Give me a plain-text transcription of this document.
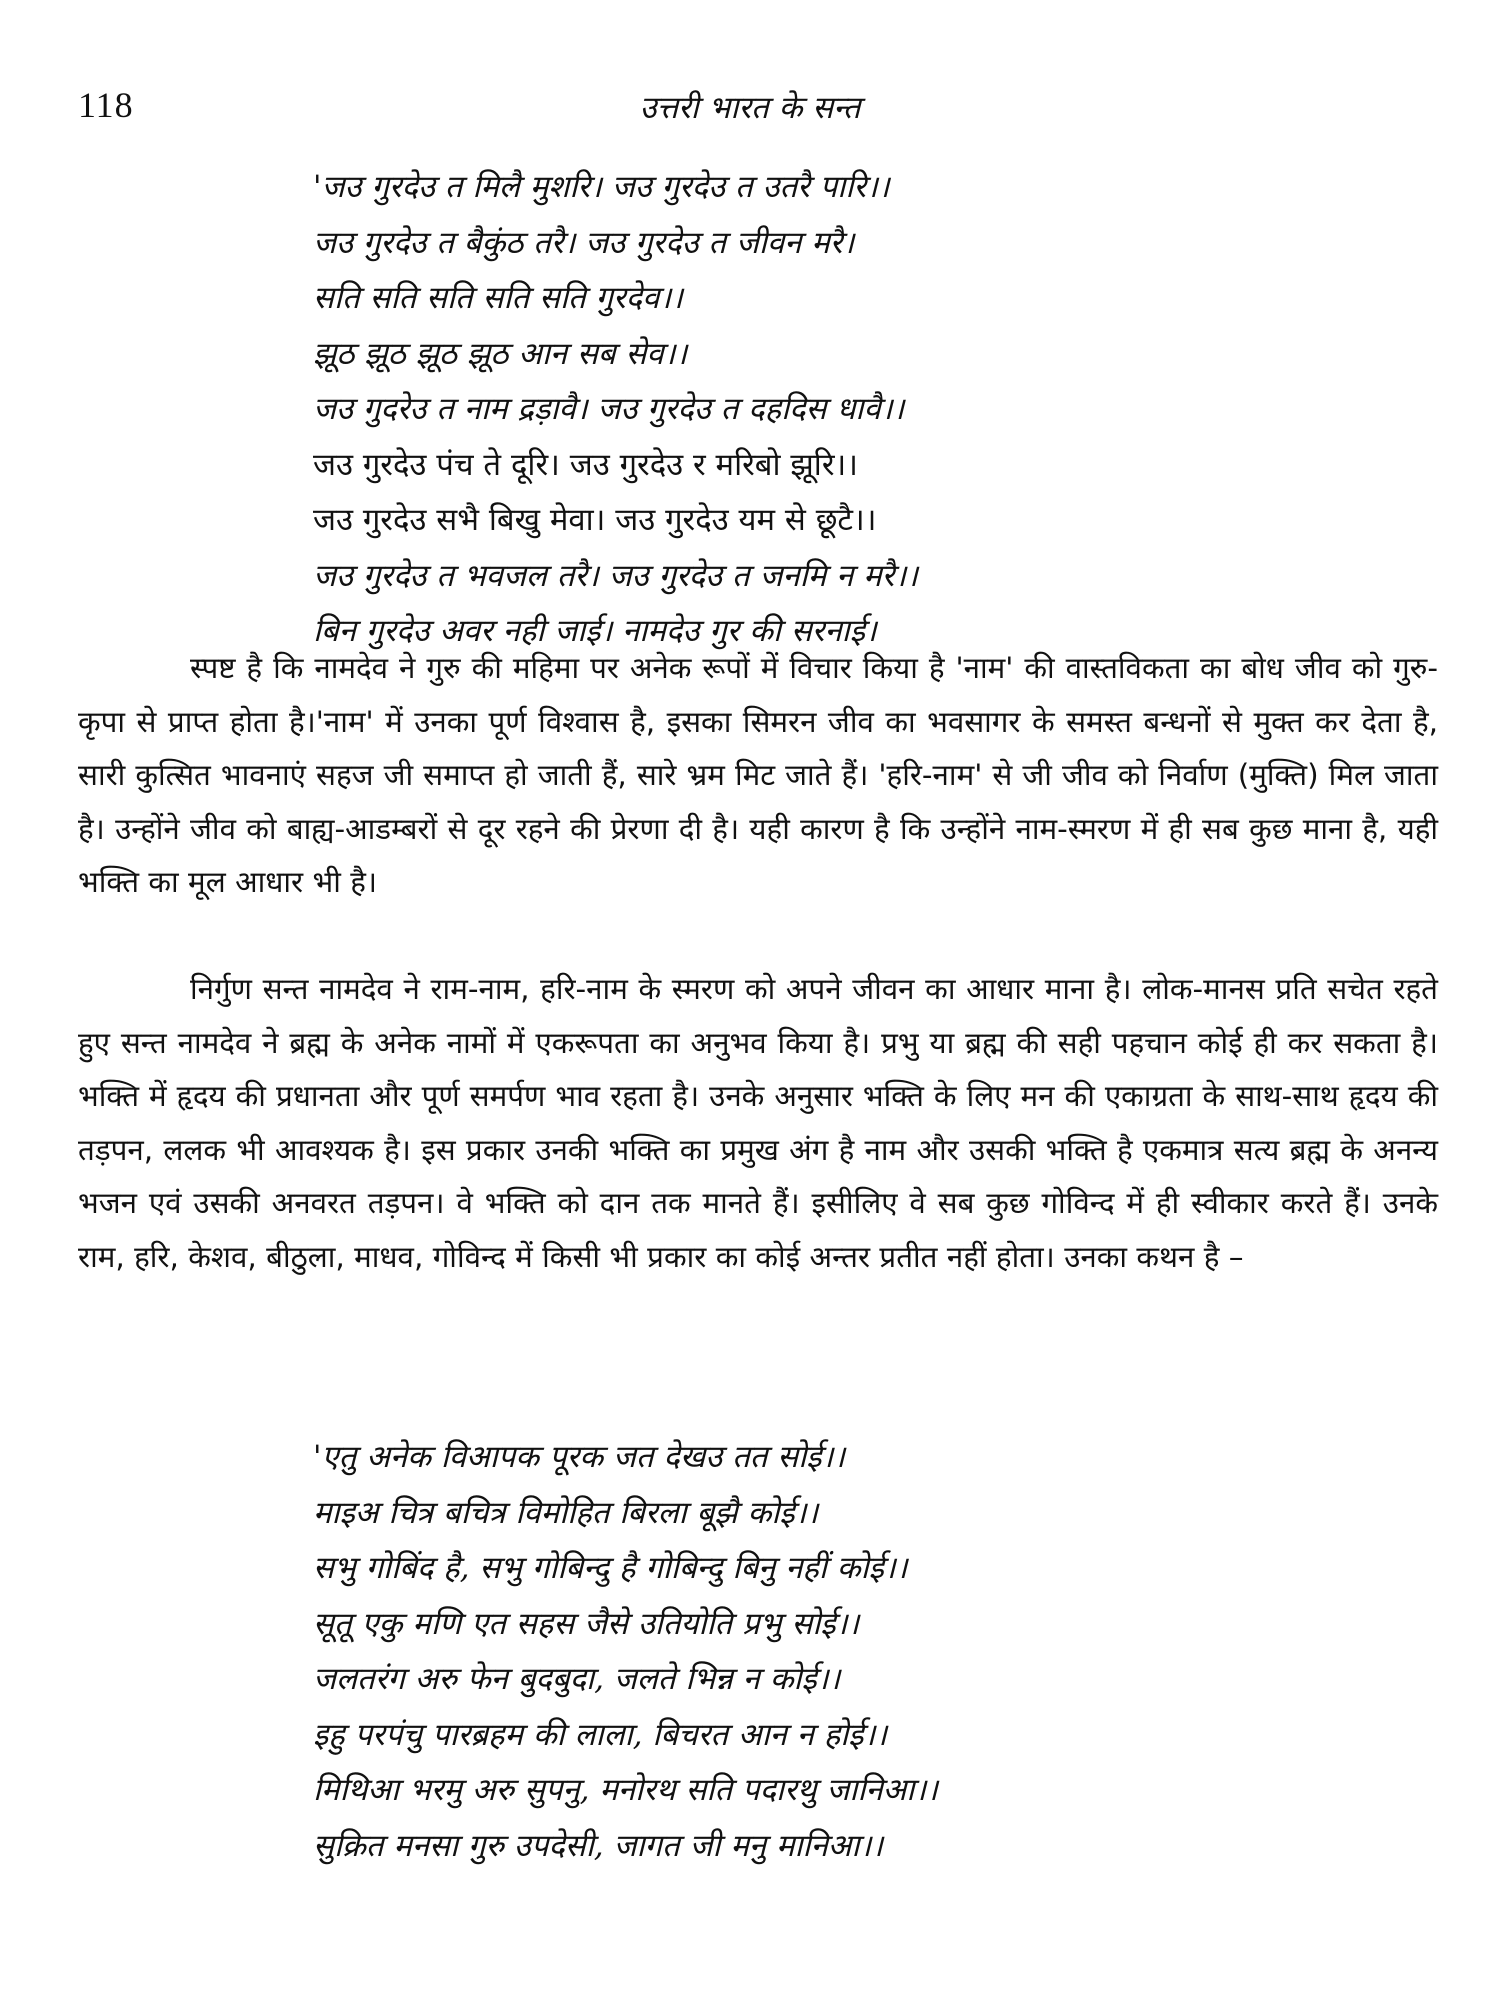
118	उत्तरी भारत के सन्त
'जउ गुरदेउ त मिलै मुशरि। जउ गुरदेउ त उतरै पारि।।
जउ गुरदेउ त बैकुंठ तरै। जउ गुरदेउ त जीवन मरै।
सति सति सति सति सति गुरदेव।।
झूठ झूठ झूठ झूठ आन सब सेव।।
जउ गुदरेउ त नाम द्रड़ावै। जउ गुरदेउ त दहदिस धावै।।
जउ गुरदेउ पंच ते दूरि। जउ गुरदेउ र मरिबो झूरि।।
जउ गुरदेउ सभै बिखु मेवा। जउ गुरदेउ यम से छूटै।।
जउ गुरदेउ त भवजल तरै। जउ गुरदेउ त जनमि न मरै।।
बिन गुरदेउ अवर नही जाई। नामदेउ गुर की सरनाई।

स्पष्ट है कि नामदेव ने गुरु की महिमा पर अनेक रूपों में विचार किया है 'नाम' की वास्तविकता का बोध जीव को गुरु-कृपा से प्राप्त होता है।'नाम' में उनका पूर्ण विश्वास है, इसका सिमरन जीव का भवसागर के समस्त बन्धनों से मुक्त कर देता है, सारी कुत्सित भावनाएं सहज जी समाप्त हो जाती हैं, सारे भ्रम मिट जाते हैं। 'हरि-नाम' से जी जीव को निर्वाण (मुक्ति) मिल जाता है। उन्होंने जीव को बाह्य-आडम्बरों से दूर रहने की प्रेरणा दी है। यही कारण है कि उन्होंने नाम-स्मरण में ही सब कुछ माना है, यही भक्ति का मूल आधार भी है।

निर्गुण सन्त नामदेव ने राम-नाम, हरि-नाम के स्मरण को अपने जीवन का आधार माना है। लोक-मानस प्रति सचेत रहते हुए सन्त नामदेव ने ब्रह्म के अनेक नामों में एकरूपता का अनुभव किया है। प्रभु या ब्रह्म की सही पहचान कोई ही कर सकता है। भक्ति में हृदय की प्रधानता और पूर्ण समर्पण भाव रहता है। उनके अनुसार भक्ति के लिए मन की एकाग्रता के साथ-साथ हृदय की तड़पन, ललक भी आवश्यक है। इस प्रकार उनकी भक्ति का प्रमुख अंग है नाम और उसकी भक्ति है एकमात्र सत्य ब्रह्म के अनन्य भजन एवं उसकी अनवरत तड़पन। वे भक्ति को दान तक मानते हैं। इसीलिए वे सब कुछ गोविन्द में ही स्वीकार करते हैं। उनके राम, हरि, केशव, बीठुला, माधव, गोविन्द में किसी भी प्रकार का कोई अन्तर प्रतीत नहीं होता। उनका कथन है –

'एतु अनेक विआपक पूरक जत देखउ तत सोई।।
माइअ चित्र बचित्र विमोहित बिरला बूझै कोई।।
सभु गोबिंद है, सभु गोबिन्दु है गोबिन्दु बिनु नहीं कोई।।
सूतू एकु मणि एत सहस जैसे उतियोति प्रभु सोई।।
जलतरंग अरु फेन बुदबुदा, जलते भिन्न न कोई।।
इहु परपंचु पारब्रहम की लाला, बिचरत आन न होई।।
मिथिआ भरमु अरु सुपनु, मनोरथ सति पदारथु जानिआ।।
सुक्रित मनसा गुरु उपदेसी, जागत जी मनु मानिआ।।
